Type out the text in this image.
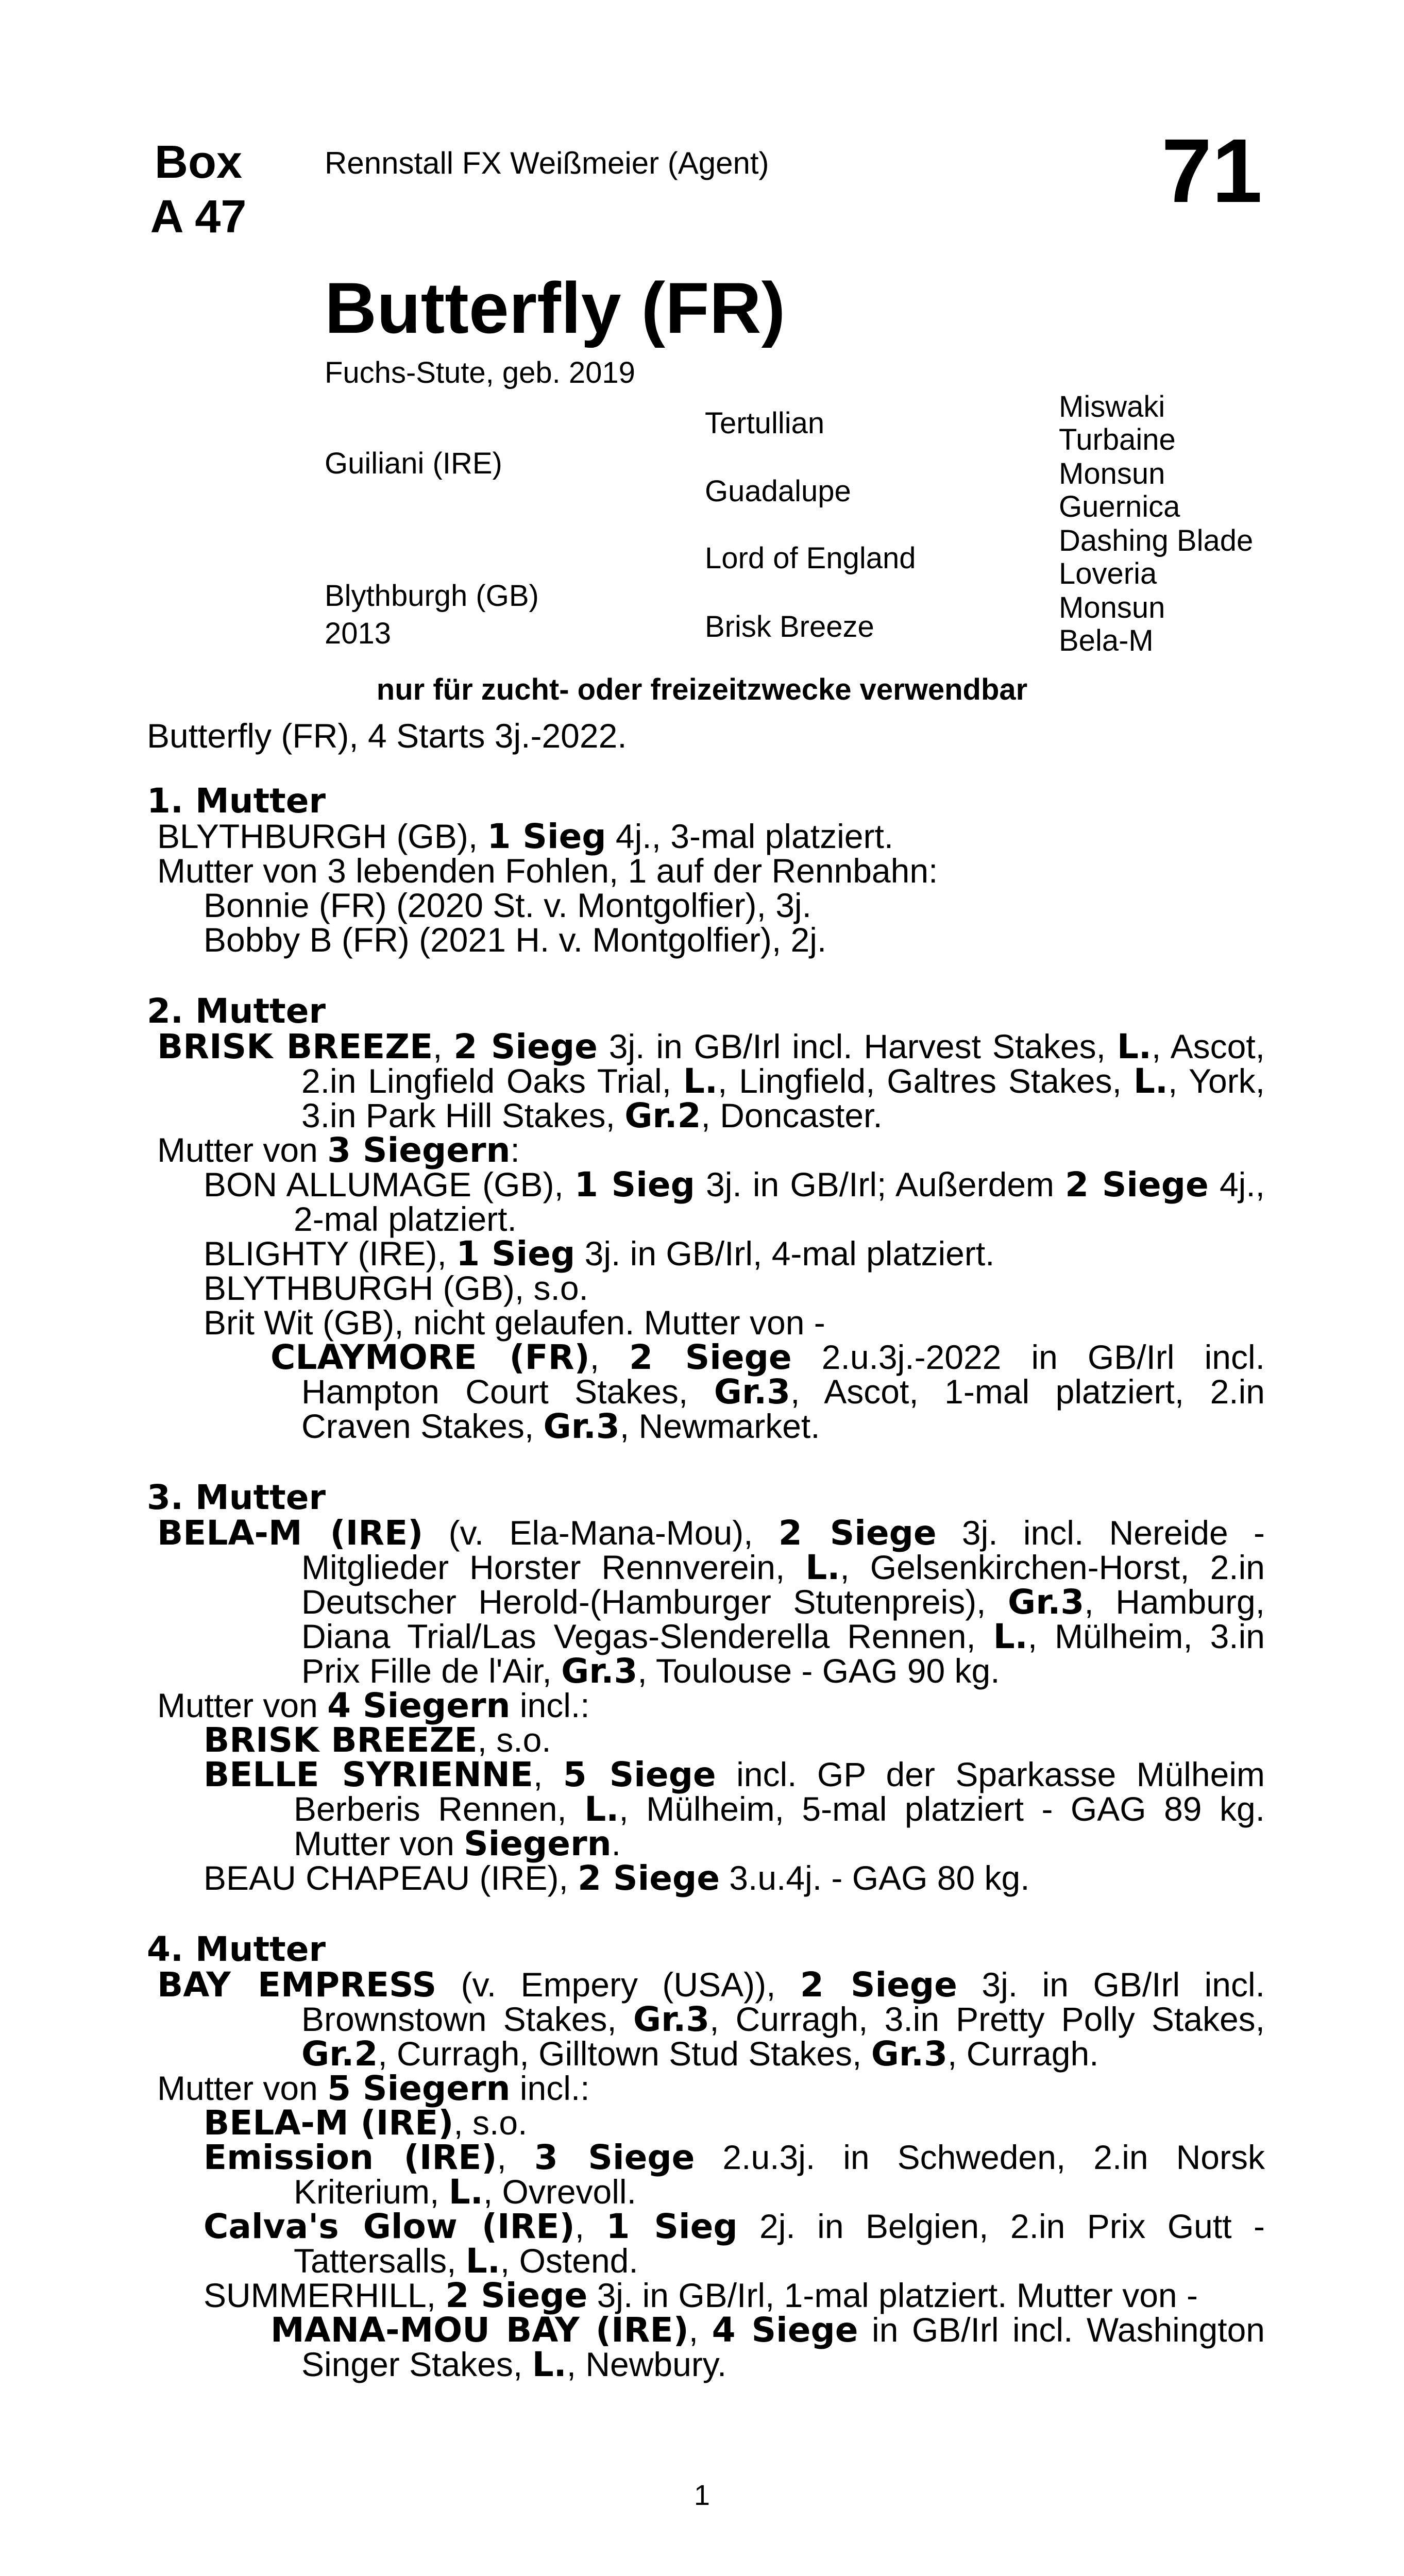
Box
A 47
Rennstall FX Weißmeier (Agent)	71
Butterfly (FR)
Fuchs-Stute, geb. 2019
Guiliani (IRE)
Blythburgh (GB)
2013
Tertullian
Guadalupe
Lord of England
Brisk Breeze
Miswaki
Turbaine
Monsun
Guernica
Dashing Blade
Loveria
Monsun
Bela-M
nur für zucht- oder freizeitzwecke verwendbar
Butterfly (FR), 4 Starts 3j.-2022.
1. Mutter
BLYTHBURGH (GB), 1 Sieg 4j., 3-mal platziert.
Mutter von 3 lebenden Fohlen, 1 auf der Rennbahn:
Bonnie (FR) (2020 St. v. Montgolfier), 3j.
Bobby B (FR) (2021 H. v. Montgolfier), 2j.
2. Mutter
BRISK BREEZE, 2 Siege 3j. in GB/Irl incl. Harvest Stakes, L., Ascot, 2.in Lingfield Oaks Trial, L., Lingfield, Galtres Stakes, L., York, 3.in Park Hill Stakes, Gr.2, Doncaster.
Mutter von 3 Siegern:
BON ALLUMAGE (GB), 1 Sieg 3j. in GB/Irl; Außerdem 2 Siege 4j., 2-mal platziert.
BLIGHTY (IRE), 1 Sieg 3j. in GB/Irl, 4-mal platziert.
BLYTHBURGH (GB), s.o.
Brit Wit (GB), nicht gelaufen. Mutter von -
CLAYMORE (FR), 2 Siege 2.u.3j.-2022 in GB/Irl incl. Hampton Court Stakes, Gr.3, Ascot, 1-mal platziert, 2.in Craven Stakes, Gr.3, Newmarket.
3. Mutter
BELA-M (IRE) (v. Ela-Mana-Mou), 2 Siege 3j. incl. Nereide - Mitglieder Horster Rennverein, L., Gelsenkirchen-Horst, 2.in Deutscher Herold-(Hamburger Stutenpreis), Gr.3, Hamburg, Diana Trial/Las Vegas-Slenderella Rennen, L., Mülheim, 3.in Prix Fille de l'Air, Gr.3, Toulouse - GAG 90 kg.
Mutter von 4 Siegern incl.:
BRISK BREEZE, s.o.
BELLE SYRIENNE, 5 Siege incl. GP der Sparkasse Mülheim Berberis Rennen, L., Mülheim, 5-mal platziert - GAG 89 kg. Mutter von Siegern.
BEAU CHAPEAU (IRE), 2 Siege 3.u.4j. - GAG 80 kg.
4. Mutter
BAY EMPRESS (v. Empery (USA)), 2 Siege 3j. in GB/Irl incl. Brownstown Stakes, Gr.3, Curragh, 3.in Pretty Polly Stakes, Gr.2, Curragh, Gilltown Stud Stakes, Gr.3, Curragh.
Mutter von 5 Siegern incl.:
BELA-M (IRE), s.o.
Emission (IRE), 3 Siege 2.u.3j. in Schweden, 2.in Norsk Kriterium, L., Ovrevoll.
Calva's Glow (IRE), 1 Sieg 2j. in Belgien, 2.in Prix Gutt - Tattersalls, L., Ostend.
SUMMERHILL, 2 Siege 3j. in GB/Irl, 1-mal platziert. Mutter von -
MANA-MOU BAY (IRE), 4 Siege in GB/Irl incl. Washington Singer Stakes, L., Newbury.
1
